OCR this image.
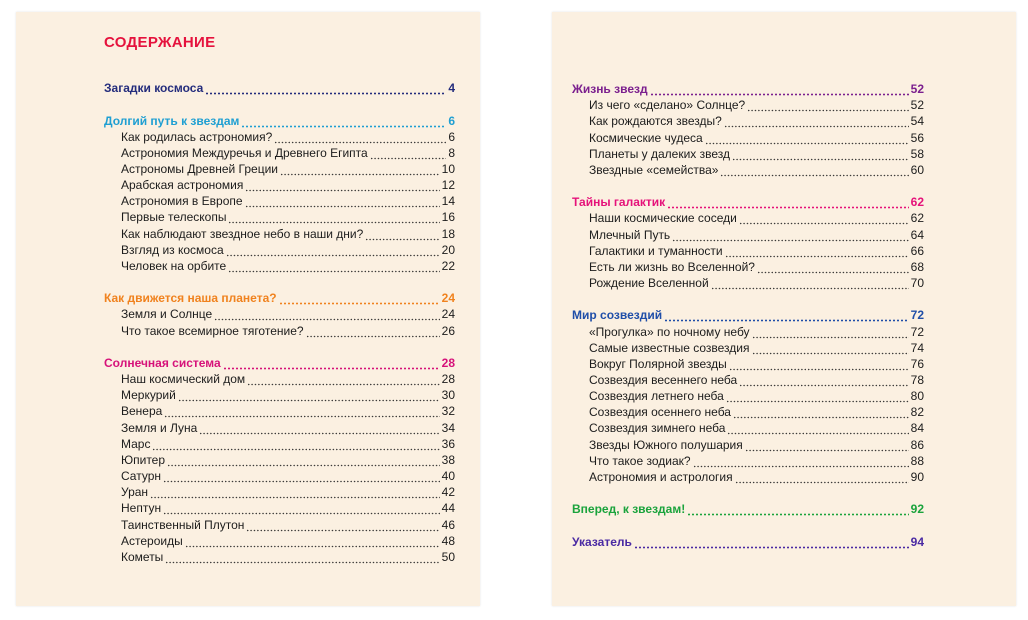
СОДЕРЖАНИЕ
Загадки космоса	4
Долгий путь к звездам	6
Как родилась астрономия?	6
Астрономия Междуречья и Древнего Египта	8
Астрономы Древней Греции	10
Арабская астрономия	12
Астрономия в Европе	14
Первые телескопы	16
Как наблюдают звездное небо в наши дни?	18
Взгляд из космоса	20
Человек на орбите	22
Как движется наша планета?	24
Земля и Солнце	24
Что такое всемирное тяготение?	26
Солнечная система	28
Наш космический дом	28
Меркурий	30
Венера	32
Земля и Луна	34
Марс	36
Юпитер	38
Сатурн	40
Уран	42
Нептун	44
Таинственный Плутон	46
Астероиды	48
Кометы	50
Жизнь звезд	52
Из чего «сделано» Солнце?	52
Как рождаются звезды?	54
Космические чудеса	56
Планеты у далеких звезд	58
Звездные «семейства»	60
Тайны галактик	62
Наши космические соседи	62
Млечный Путь	64
Галактики и туманности	66
Есть ли жизнь во Вселенной?	68
Рождение Вселенной	70
Мир созвездий	72
«Прогулка» по ночному небу	72
Самые известные созвездия	74
Вокруг Полярной звезды	76
Созвездия весеннего неба	78
Созвездия летнего неба	80
Созвездия осеннего неба	82
Созвездия зимнего неба	84
Звезды Южного полушария	86
Что такое зодиак?	88
Астрономия и астрология	90
Вперед, к звездам!	92
Указатель	94
